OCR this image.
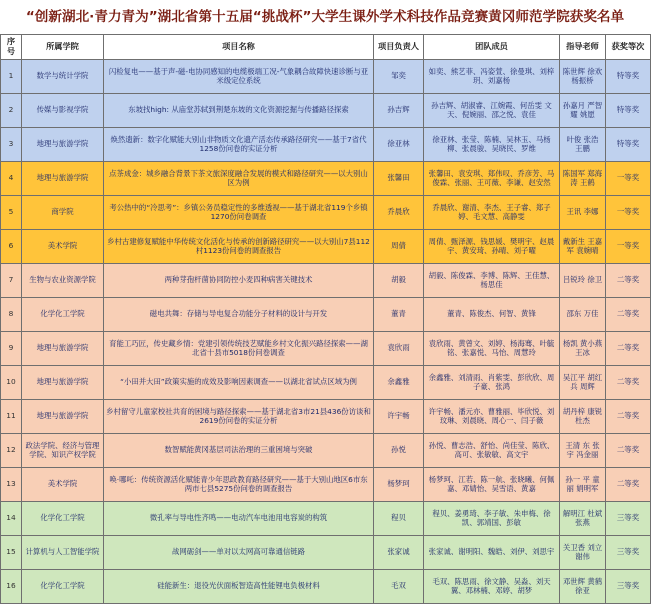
“创新湖北·青力青为”湖北省第十五届“挑战杯”大学生课外学术科技作品竞赛黄冈师范学院获奖名单
序号	所属学院	项目名称	项目负责人	团队成员	指导老师	获奖等次
1	数学与统计学院	闪检复电——基于声-磁-电协同感知的电缆极端工况-气象耦合故障快速诊断与亚米级定位系统	邹奕	如奕、熊艺菲、冯姿萱、徐曼琪、刘梓玥、刘嘉杨	陈世辉 徐欢 杨振桥	特等奖
2	传媒与影视学院	东坡找high: 从庙堂苏轼到荆楚东坡的文化资源挖掘与传播路径探索	孙吉辉	孙吉辉、胡淑睿、江婉霞、何岳雯 文天、倪婉丽、邵之悦、袁佳	孙嘉月 严智耀 姚愿	特等奖
3	地理与旅游学院	焕然遗新：数字化赋能大别山非物质文化遗产活态传承路径研究——基于7省代1258份问卷的实证分析	徐亚林	徐亚林、张莹、陈楠、吴林玉、马杨柳、张晨骏、吴晓民、罗维	叶俊 张浩 王鹏	特等奖
4	地理与旅游学院	点茶成金：城乡融合背景下茶文旅深度融合发展的模式和路径研究——以大别山区为例	张馨田	张馨田、袁安琪、郑伟叹、乔彦芳、马俊霖、张丽、王可薇、李谦、赵安然	陈国军 郑海涛 王鹤	一等奖
5	商学院	考公热中的“冷思考”：乡镇公务员稳定性的多维透视——基于湖北省119个乡镇1270份问卷调查	乔晨欣	乔晨欣、谢清、李杰、王子睿、郑子婷、毛文慧、高静雯	王讯 李娜	一等奖
6	美术学院	乡村古建修复赋能中华传统文化活化与传承的创新路径研究——以大别山7县112村1123份问卷的调查报告	周倩	周倩、甄泽源、钱思媛、樊明宇、赵晨宇、黄安琦、孙晴、刘子曜	戴新生 王嘉军 袁婉晴	一等奖
7	生物与农业资源学院	两种芽孢杆菌协同防控小麦四种病害关键技术	胡毅	胡毅、陈俊霖、李博、陈辉、王佳慧、杨思佳	吕锐玲 徐卫	二等奖
8	化学化工学院	磁电共舞：存储与导电复合功能分子材料的设计与开发	董青	董青、陈俊杰、何智、黄锋	邵东 万佳	二等奖
9	地理与旅游学院	育能工巧匠，传史藏乡情：党建引领传统技艺赋能乡村文化振兴路径探索——湖北省十县市5018份问卷调查	袁欣雨	袁欣雨、黄曾文、刘婷、杨海骞、叶毓铭、张嘉悦、马怡、周慧玲	杨凯 黄小燕 王冰	二等奖
10	地理与旅游学院	“小田并大田”政策实施的成效及影响因素调查——以湖北省试点区域为例	余鑫雅	余鑫雅、刘清雨、肖紫雯、彭欣欣、周子豪、张鸿	吴江平 胡红兵 周辉	二等奖
11	地理与旅游学院	乡村留守儿童家校社共育的困境与路径探索——基于湖北省3市21县436份访谈和2619份问卷的实证分析	许宇畅	许宇畅、潘元亦、曹雅丽、毕欣悦、刘玟琳、刘晨晓、周心一、闫子薇	胡丹梓 康锐 杜杰	二等奖
12	政法学院、经济与管理学院、知识产权学院	数智赋能黄冈基层司法治理的三重困境与突破	孙悦	孙悦、曹志浩、舒怡、尚佳莹、陈欣、高可、张敏敏、高文宇	王清 东 张宇 冯金丽	二等奖
13	美术学院	唤·哪吒：传统资源活化赋能青少年思政教育路径研究——基于大别山地区6市东两市七县5275份问卷的调查报告	杨梦珂	杨梦珂、江若、陈一航、张晓曦、何佩嘉、邓婧怡、吴雪语、黄嘉	孙一 平 童丽 娟明军	二等奖
14	化学化工学院	微孔率与导电性齐鸣——电动汽车电池用电容炭的构筑	程贝	程贝、姜勇琦、李子敏、朱申梅、徐凯、郭靖国、彭敏	解明江 杜斌 张燕	三等奖
15	计算机与人工智能学院	战网砺剑——单对以太网高可靠通信链路	张家诚	张家诚、谢明阳、魏皓、刘伊、刘思宇	关卫香 刘立 谢伟	三等奖
16	化学化工学院	硅能新生：退役光伏面板智造高性能锂电负极材料	毛双	毛双、陈思雨、徐文静、吴淼、刘天翼、邓林楠、邓婷、胡梦	邓世辉 黄鹤 徐亚	三等奖
